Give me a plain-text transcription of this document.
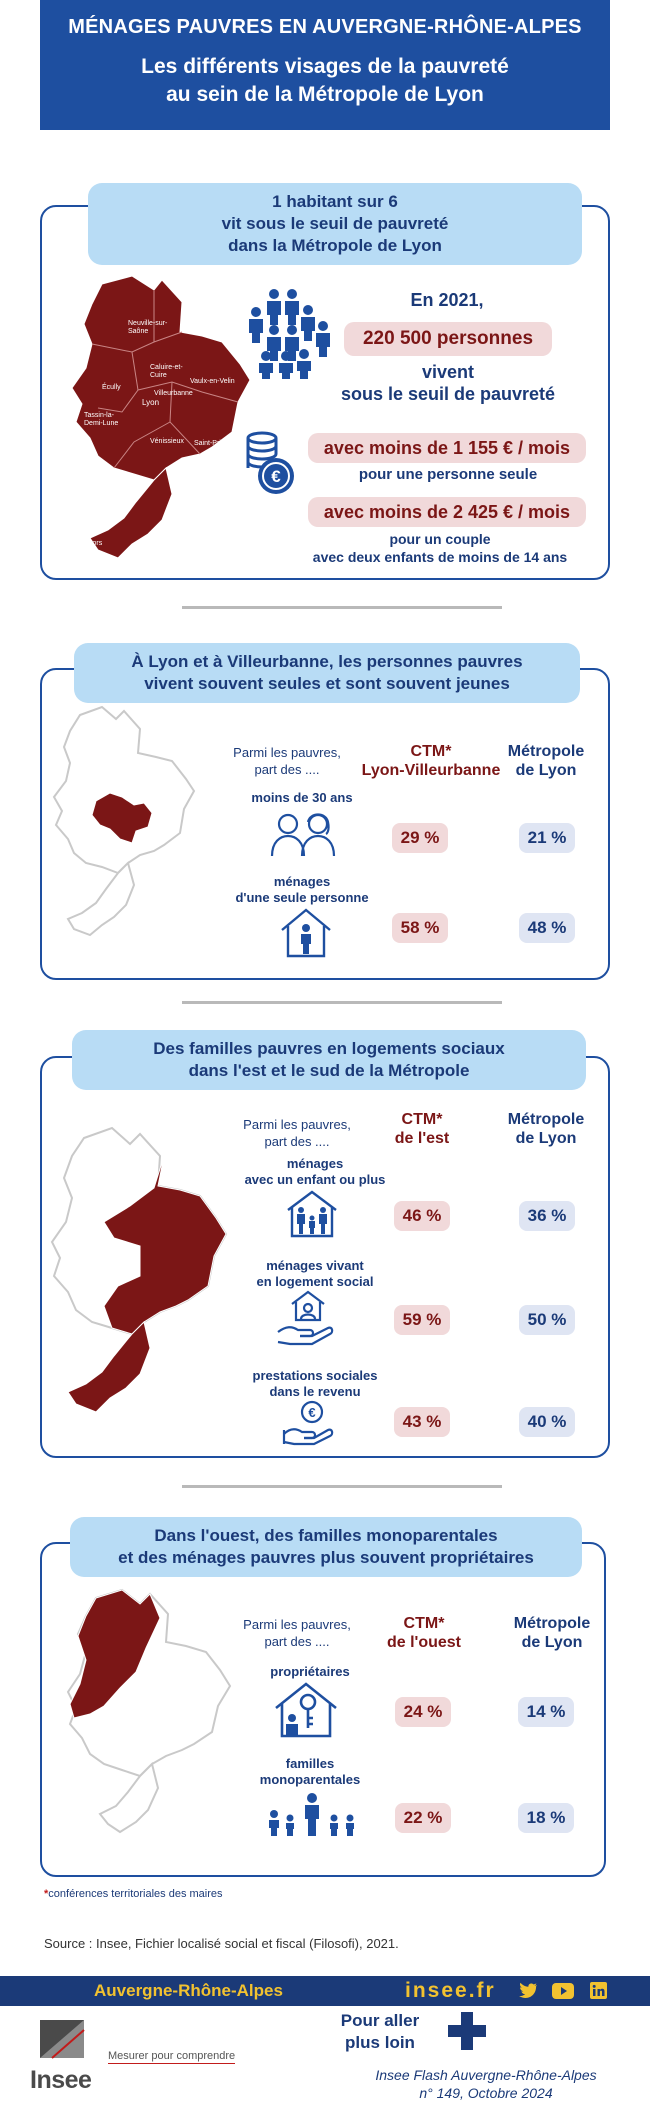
MÉNAGES PAUVRES EN AUVERGNE-RHÔNE-ALPES
Les différents visages de la pauvreté
au sein de la Métropole de Lyon
1 habitant sur 6
vit sous le seuil de pauvreté
dans la Métropole de Lyon
Neuville-sur-Saône
Caluire-et-Cuire
Vaulx-en-Velin
Écully
Lyon
Villeurbanne
Tassin-la-Demi-Lune
Vénissieux Saint-Priest
Givors
€
En 2021,
220 500 personnes
vivent
sous le seuil de pauvreté
avec moins de 1 155 € / mois
pour une personne seule
avec moins de 2 425 € / mois
pour un couple
avec deux enfants de moins de 14 ans
À Lyon et à Villeurbanne, les personnes pauvres
vivent souvent seules et sont souvent jeunes
Parmi les pauvres,
part des ....
CTM*
Lyon-Villeurbanne
Métropole
de Lyon
moins de 30 ans
29 %	21 %
ménages
d'une seule personne
58 %	48 %
Des familles pauvres en logements sociaux
dans l'est et le sud de la Métropole
Parmi les pauvres,
part des ....
CTM*
de l'est
Métropole
de Lyon
ménages
avec un enfant ou plus
46 %	36 %
ménages vivant
en logement social
59 %	50 %
prestations sociales
dans le revenu
€	43 %	40 %
Dans l'ouest, des familles monoparentales
et des ménages pauvres plus souvent propriétaires
Parmi les pauvres,
part des ....
CTM*
de l'ouest
Métropole
de Lyon
propriétaires
24 %	14 %
familles
monoparentales
22 %	18 %
*conférences territoriales des maires
Source : Insee, Fichier localisé social et fiscal (Filosofi), 2021.
Auvergne-Rhône-Alpes	insee.fr
Insee
Mesurer pour comprendre
Pour aller
plus loin
Insee Flash Auvergne-Rhône-Alpes
n° 149, Octobre 2024
